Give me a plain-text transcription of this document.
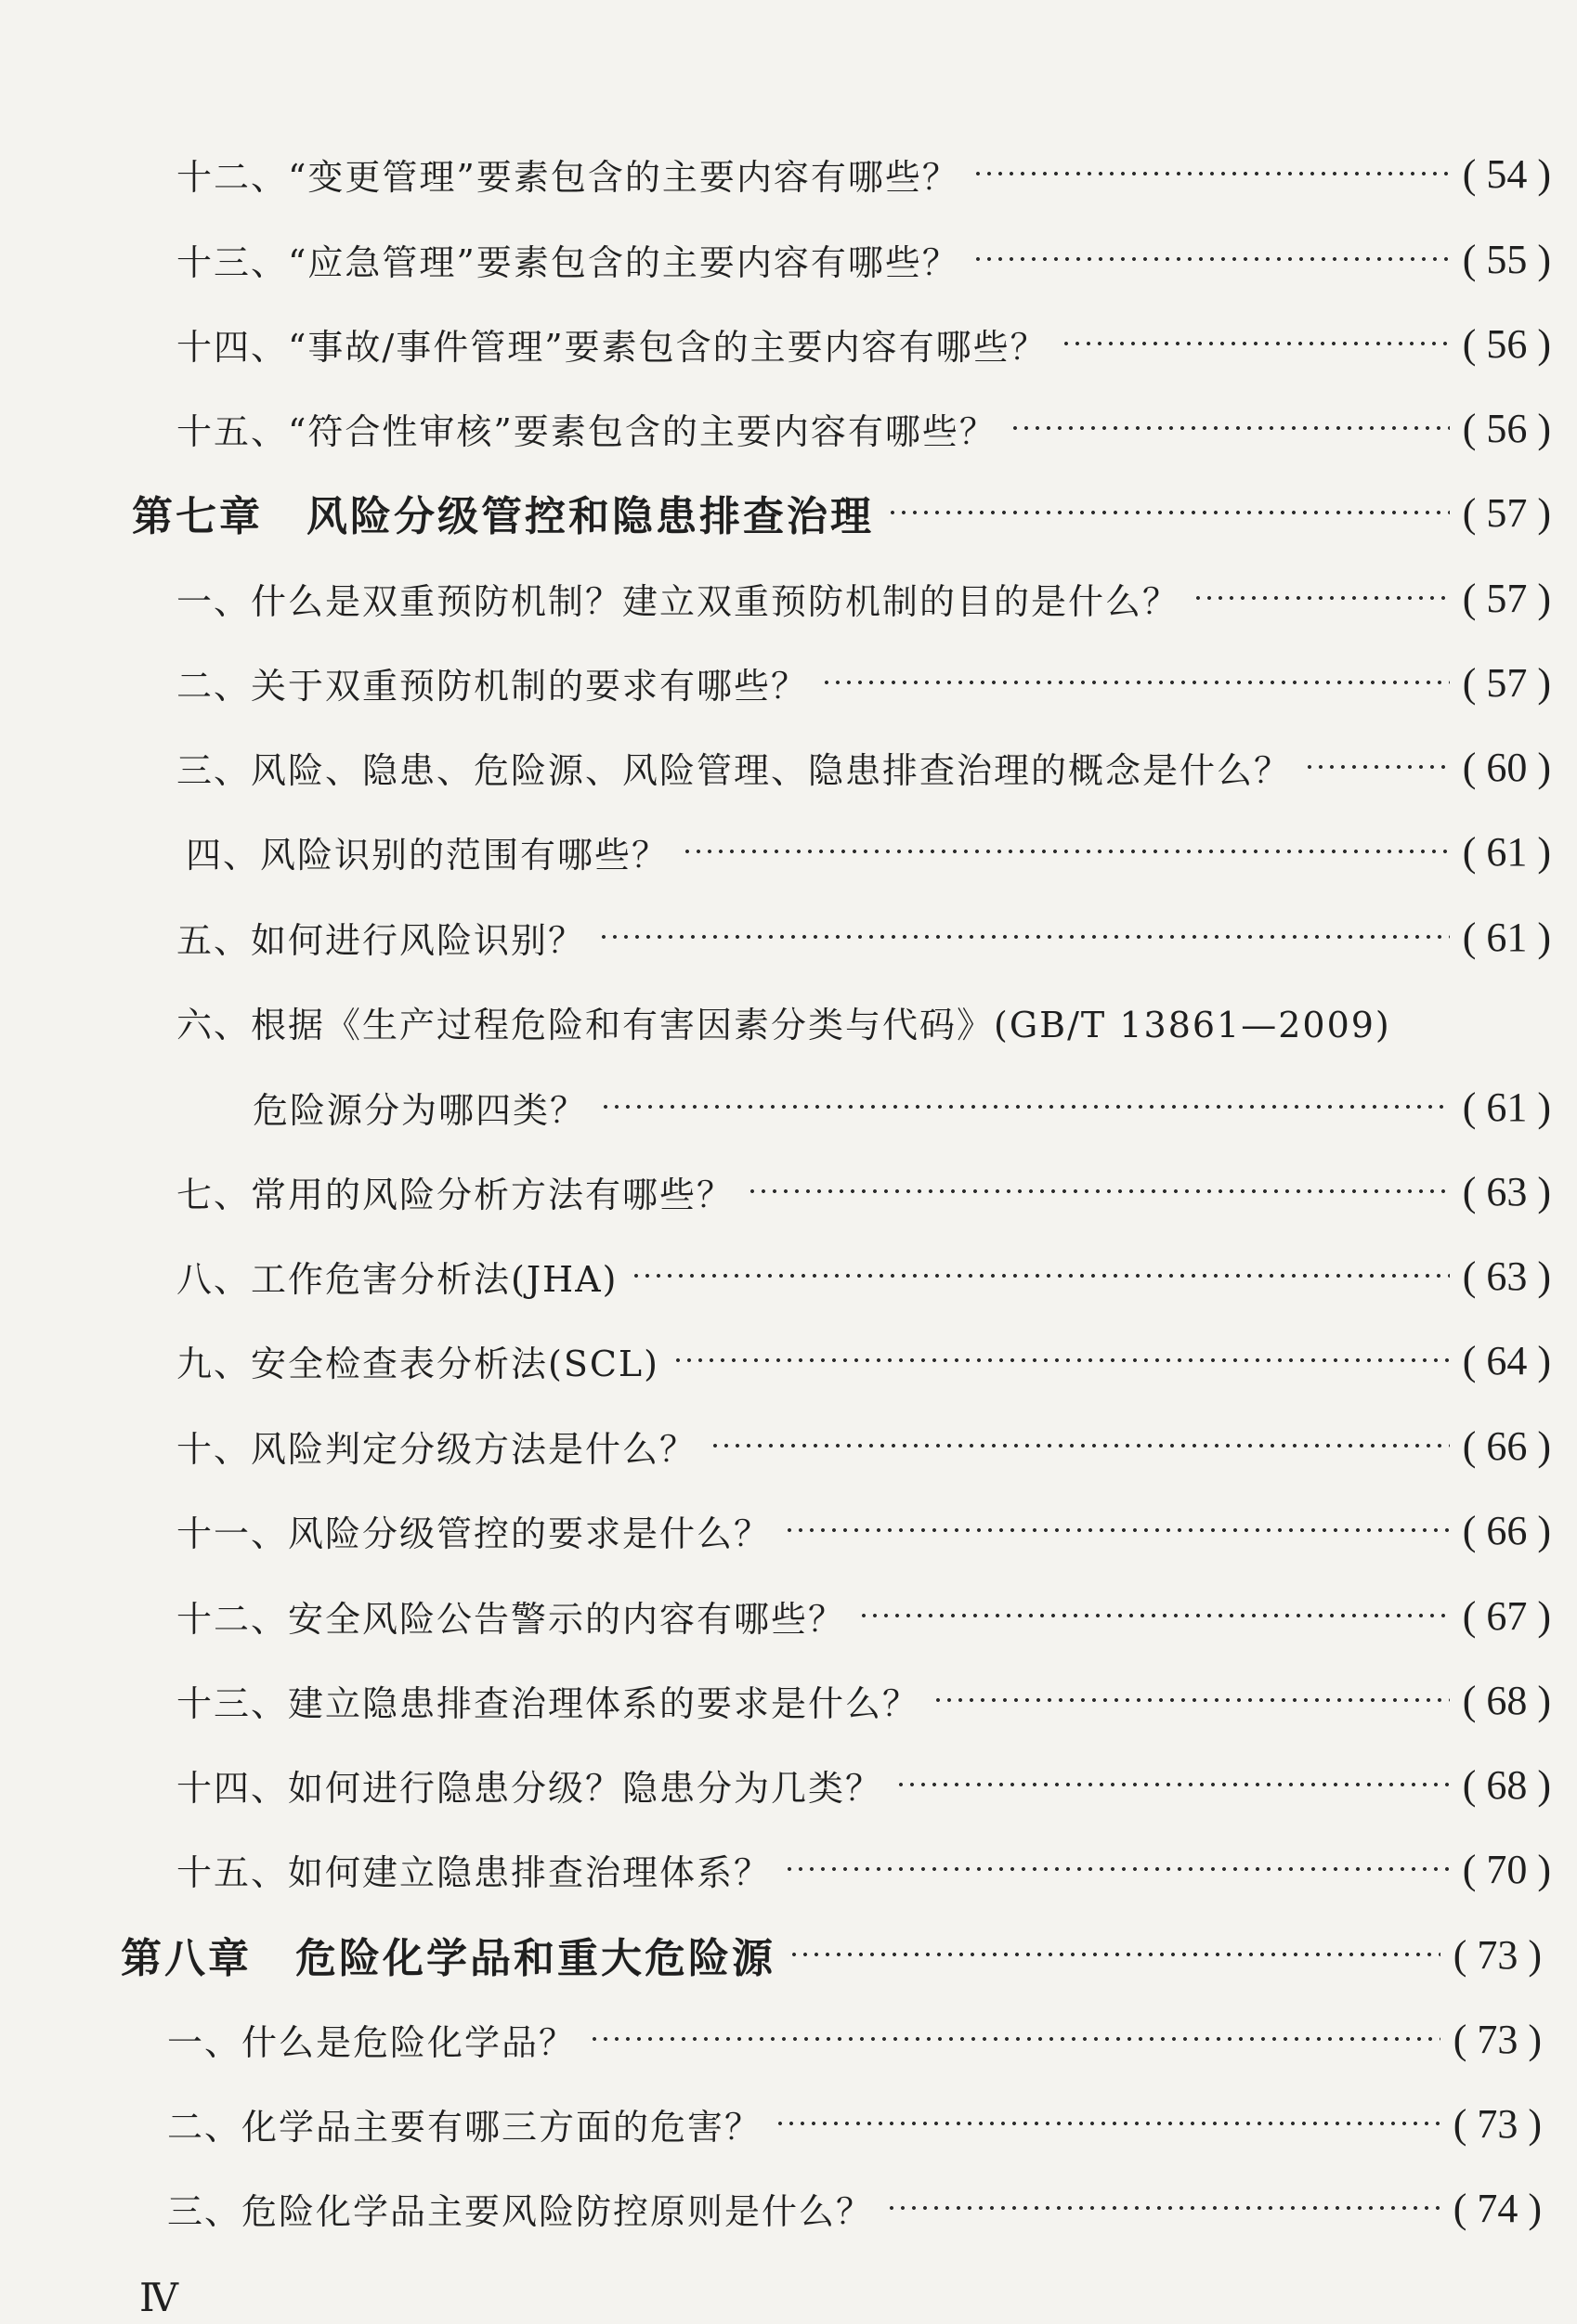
十二、“变更管理”要素包含的主要内容有哪些？	( 54 )
十三、“应急管理”要素包含的主要内容有哪些？	( 55 )
十四、“事故/事件管理”要素包含的主要内容有哪些？	( 56 )
十五、“符合性审核”要素包含的主要内容有哪些？	( 56 )
第七章　风险分级管控和隐患排查治理	( 57 )
一、什么是双重预防机制？建立双重预防机制的目的是什么？	( 57 )
二、关于双重预防机制的要求有哪些？	( 57 )
三、风险、隐患、危险源、风险管理、隐患排查治理的概念是什么？	( 60 )
四、风险识别的范围有哪些？	( 61 )
五、如何进行风险识别？	( 61 )
六、根据《生产过程危险和有害因素分类与代码》(GB/T 13861—2009)
危险源分为哪四类？	( 61 )
七、常用的风险分析方法有哪些？	( 63 )
八、工作危害分析法(JHA)	( 63 )
九、安全检查表分析法(SCL)	( 64 )
十、风险判定分级方法是什么？	( 66 )
十一、风险分级管控的要求是什么？	( 66 )
十二、安全风险公告警示的内容有哪些？	( 67 )
十三、建立隐患排查治理体系的要求是什么？	( 68 )
十四、如何进行隐患分级？隐患分为几类？	( 68 )
十五、如何建立隐患排查治理体系？	( 70 )
第八章　危险化学品和重大危险源	( 73 )
一、什么是危险化学品？	( 73 )
二、化学品主要有哪三方面的危害？	( 73 )
三、危险化学品主要风险防控原则是什么？	( 74 )
Ⅳ
